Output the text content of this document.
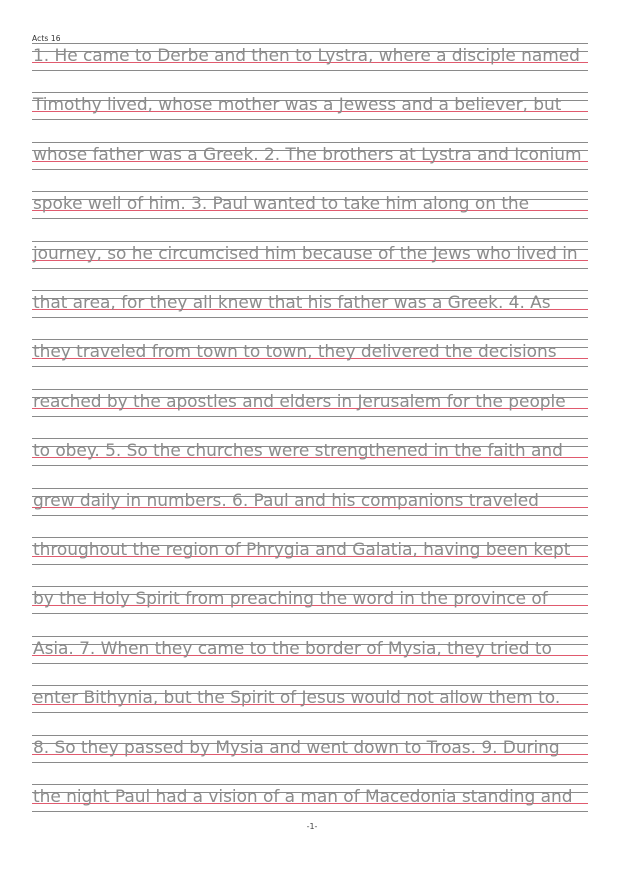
Acts 16
1. He came to Derbe and then to Lystra, where a disciple named
Timothy lived, whose mother was a Jewess and a believer, but
whose father was a Greek. 2. The brothers at Lystra and Iconium
spoke well of him. 3. Paul wanted to take him along on the
journey, so he circumcised him because of the Jews who lived in
that area, for they all knew that his father was a Greek. 4. As
they traveled from town to town, they delivered the decisions
reached by the apostles and elders in Jerusalem for the people
to obey. 5. So the churches were strengthened in the faith and
grew daily in numbers. 6. Paul and his companions traveled
throughout the region of Phrygia and Galatia, having been kept
by the Holy Spirit from preaching the word in the province of
Asia. 7. When they came to the border of Mysia, they tried to
enter Bithynia, but the Spirit of Jesus would not allow them to.
8. So they passed by Mysia and went down to Troas. 9. During
the night Paul had a vision of a man of Macedonia standing and
-1-
